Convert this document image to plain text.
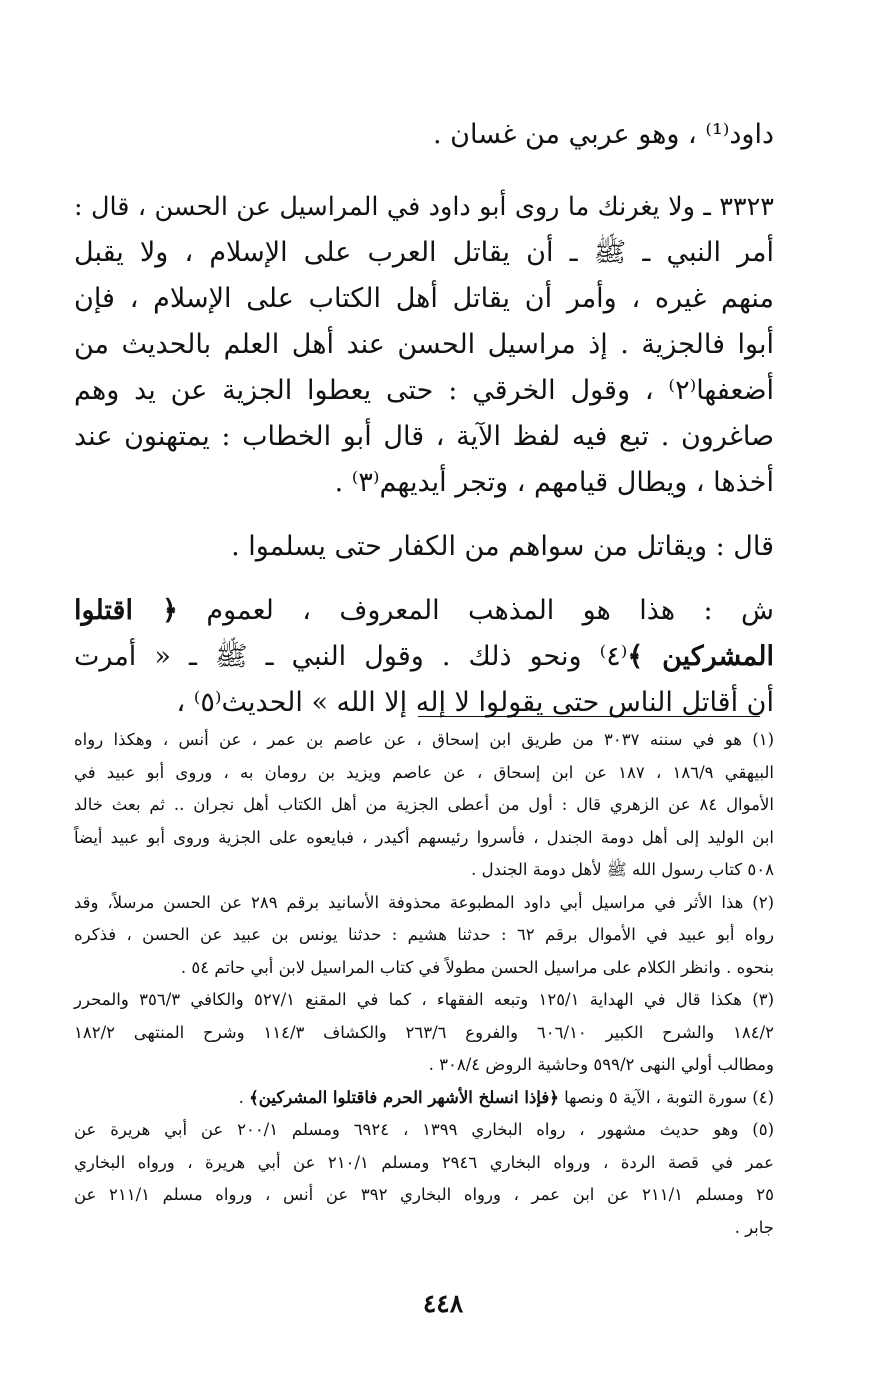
داود⁽¹⁾ ، وهو عربي من غسان .

٣٣٢٣ ـ ولا يغرنك ما روى أبو داود في المراسيل عن الحسن ، قال :
أمر النبي ـ ﷺ ـ أن يقاتل العرب على الإسلام ، ولا يقبل
منهم غيره ، وأمر أن يقاتل أهل الكتاب على الإسلام ، فإن
أبوا فالجزية . إذ مراسيل الحسن عند أهل العلم بالحديث من
أضعفها⁽٢⁾ ، وقول الخرقي : حتى يعطوا الجزية عن يد وهم
صاغرون . تبع فيه لفظ الآية ، قال أبو الخطاب : يمتهنون عند
أخذها ، ويطال قيامهم ، وتجر أيديهم⁽٣⁾ .

قال : ويقاتل من سواهم من الكفار حتى يسلموا .

ش : هذا هو المذهب المعروف ، لعموم ﴿ اقتلوا
المشركين ﴾⁽٤⁾ ونحو ذلك . وقول النبي ـ ﷺ ـ « أمرت
أن أقاتل الناس حتى يقولوا لا إله إلا الله » الحديث⁽٥⁾ ،

(١) هو في سننه ٣٠٣٧ من طريق ابن إسحاق ، عن عاصم بن عمر ، عن أنس ، وهكذا رواه
البيهقي ١٨٦/٩ ، ١٨٧ عن ابن إسحاق ، عن عاصم ويزيد بن رومان به ، وروى أبو عبيد في
الأموال ٨٤ عن الزهري قال : أول من أعطى الجزية من أهل الكتاب أهل نجران .. ثم بعث خالد
ابن الوليد إلى أهل دومة الجندل ، فأسروا رئيسهم أكيدر ، فبايعوه على الجزية وروى أبو عبيد أيضاً
٥٠٨ كتاب رسول الله ﷺ لأهل دومة الجندل .

(٢) هذا الأثر في مراسيل أبي داود المطبوعة محذوفة الأسانيد برقم ٢٨٩ عن الحسن مرسلاً، وقد
رواه أبو عبيد في الأموال برقم ٦٢ : حدثنا هشيم : حدثنا يونس بن عبيد عن الحسن ، فذكره
بنحوه . وانظر الكلام على مراسيل الحسن مطولاً في كتاب المراسيل لابن أبي حاتم ٥٤ .

(٣) هكذا قال في الهداية ١٢٥/١ وتبعه الفقهاء ، كما في المقنع ٥٢٧/١ والكافي ٣٥٦/٣ والمحرر
١٨٤/٢ والشرح الكبير ٦٠٦/١٠ والفروع ٢٦٣/٦ والكشاف ١١٤/٣ وشرح المنتهى ١٨٢/٢
ومطالب أولي النهى ٥٩٩/٢ وحاشية الروض ٣٠٨/٤ .

(٤) سورة التوبة ، الآية ٥ ونصها ﴿فإذا انسلخ الأشهر الحرم فاقتلوا المشركين﴾ .

(٥) وهو حديث مشهور ، رواه البخاري ١٣٩٩ ، ٦٩٢٤ ومسلم ٢٠٠/١ عن أبي هريرة عن
عمر في قصة الردة ، ورواه البخاري ٢٩٤٦ ومسلم ٢١٠/١ عن أبي هريرة ، ورواه البخاري
٢٥ ومسلم ٢١١/١ عن ابن عمر ، ورواه البخاري ٣٩٢ عن أنس ، ورواه مسلم ٢١١/١ عن
جابر .

٤٤٨
